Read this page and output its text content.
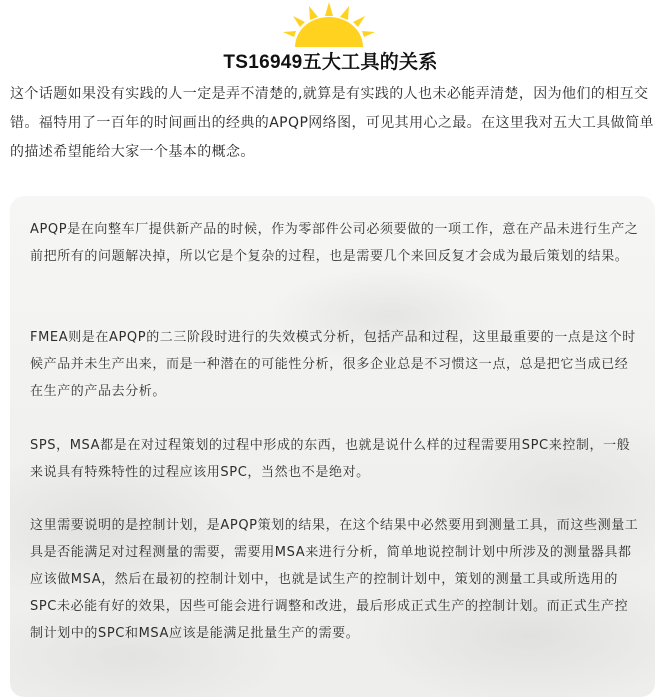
TS16949五大工具的关系

这个话题如果没有实践的人一定是弄不清楚的,就算是有实践的人也未必能弄清楚，因为他们的相互交错。福特用了一百年的时间画出的经典的APQP网络图，可见其用心之最。在这里我对五大工具做简单的描述希望能给大家一个基本的概念。

APQP是在向整车厂提供新产品的时候，作为零部件公司必须要做的一项工作，意在产品未进行生产之前把所有的问题解决掉，所以它是个复杂的过程，也是需要几个来回反复才会成为最后策划的结果。

FMEA则是在APQP的二三阶段时进行的失效模式分析，包括产品和过程，这里最重要的一点是这个时候产品并未生产出来，而是一种潜在的可能性分析，很多企业总是不习惯这一点，总是把它当成已经在生产的产品去分析。

SPS，MSA都是在对过程策划的过程中形成的东西，也就是说什么样的过程需要用SPC来控制，一般来说具有特殊特性的过程应该用SPC，当然也不是绝对。

这里需要说明的是控制计划，是APQP策划的结果，在这个结果中必然要用到测量工具，而这些测量工具是否能满足对过程测量的需要，需要用MSA来进行分析，简单地说控制计划中所涉及的测量器具都应该做MSA，然后在最初的控制计划中，也就是试生产的控制计划中，策划的测量工具或所选用的SPC未必能有好的效果，因些可能会进行调整和改进，最后形成正式生产的控制计划。而正式生产控制计划中的SPC和MSA应该是能满足批量生产的需要。
